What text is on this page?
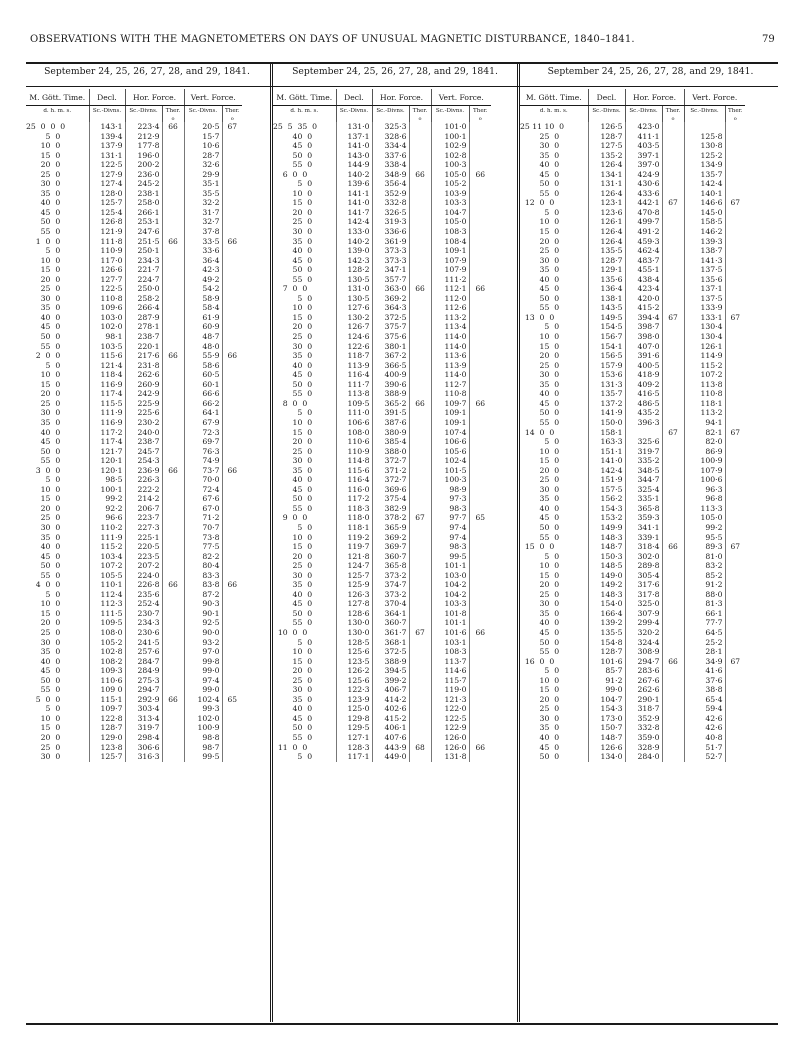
OBSERVATIONS WITH THE MAGNETOMETERS ON DAYS OF UNUSUAL MAGNETIC DISTURBANCE, 1840–1841.	79
September 24, 25, 26, 27, 28, and 29, 1841.
M. Gött. Time.	Decl.	Hor. Force.		Vert. Force.	
d. h. m. s.	Sc.-Divns.	Sc.-Divns.	Ther.	Sc.-Divns.	Ther.
			o		o
25  0  0  0	143·1	223·4	66	20·5	67
5  0	139·4	212·9		15·7	
10  0	137·9	177·8		10·6	
15  0	131·1	196·0		28·7	
20  0	122·5	200·2		32·6	
25  0	127·9	236·0		29·9	
30  0	127·4	245·2		35·1	
35  0	128·0	238·1		35·5	
40  0	125·7	258·0		32·2	
45  0	125·4	266·1		31·7	
50  0	126·8	253·1		32·7	
55  0	121·9	247·6		37·8	
1  0  0	111·8	251·5	66	33·5	66
5  0	110·9	250·1		33·6	
10  0	117·0	234·3		36·4	
15  0	126·6	221·7		42·3	
20  0	127·7	224·7		49·2	
25  0	122·5	250·0		54·2	
30  0	110·8	258·2		58·9	
35  0	109·6	266·4		58·4	
40  0	103·0	287·9		61·9	
45  0	102·0	278·1		60·9	
50  0	98·1	238·7		48·7	
55  0	103·5	220·1		48·0	
2  0  0	115·6	217·6	66	55·9	66
5  0	121·4	231·8		58·6	
10  0	118·4	262·6		60·5	
15  0	116·9	260·9		60·1	
20  0	117·4	242·9		66·6	
25  0	115·5	225·9		66·2	
30  0	111·9	225·6		64·1	
35  0	116·9	230·2		67·9	
40  0	117·2	240·0		72·3	
45  0	117·4	238·7		69·7	
50  0	121·7	245·7		76·3	
55  0	120·1	254·3		74·9	
3  0  0	120·1	236·9	66	73·7	66
5  0	98·5	226·3		70·0	
10  0	100·1	222·2		72·4	
15  0	99·2	214·2		67·6	
20  0	92·2	206·7		67·0	
25  0	96·6	223·7		71·2	
30  0	110·2	227·3		70·7	
35  0	111·9	225·1		73·8	
40  0	115·2	220·5		77·5	
45  0	103·4	223·5		82·2	
50  0	107·2	207·2		80·4	
55  0	105·5	224·0		83·3	
4  0  0	110·1	226·8	66	83·8	66
5  0	112·4	235·6		87·2	
10  0	112·3	252·4		90·3	
15  0	111·5	230·7		90·1	
20  0	109·5	234·3		92·5	
25  0	108·0	230·6		90·0	
30  0	105·2	241·5		93·2	
35  0	102·8	257·6		97·0	
40  0	108·2	284·7		99·8	
45  0	109·3	284·9		99·0	
50  0	110·6	275·3		97·4	
55  0	109 0	294·7		99·0	
5  0  0	115·1	292·9	66	102·4	65
5  0	109·7	303·4		99·3	
10  0	122·8	313·4		102·0	
15  0	128·7	319·7		100·9	
20  0	129·0	298·4		98·8	
25  0	123·8	306·6		98·7	
30  0	125·7	316·3		99·5	
September 24, 25, 26, 27, 28, and 29, 1841.
M. Gött. Time.	Decl.	Hor. Force.		Vert. Force.	
d. h. m. s.	Sc.-Divns.	Sc.-Divns.	Ther.	Sc.-Divns.	Ther.
			o		o
25  5  35  0	131·0	325·3		101·0	
40  0	137·1	328·6		100·1	
45  0	141·0	334·4		102·9	
50  0	143·0	337·6		102·8	
55  0	144·9	338·4		100·3	
6  0  0	140·2	348·9	66	105·0	66
5  0	139·6	356·4		105·2	
10  0	141·1	352·9		103·9	
15  0	141·0	332·8		103·3	
20  0	141·7	326·5		104·7	
25  0	142·4	319·3		105·0	
30  0	133·0	336·6		108·3	
35  0	140·2	361·9		108·4	
40  0	139·0	373·3		109·1	
45  0	142·3	373·3		107·9	
50  0	128·2	347·1		107·9	
55  0	130·5	357·7		111·2	
7  0  0	131·0	363·0	66	112·1	66
5  0	130·5	369·2		112·0	
10  0	127·6	364·3		112·6	
15  0	130·2	372·5		113·2	
20  0	126·7	375·7		113·4	
25  0	124·6	375·6		114·0	
30  0	122·6	380·1		114·0	
35  0	118·7	367·2		113·6	
40  0	113·9	366·5		113·9	
45  0	116·4	400·9		114·0	
50  0	111·7	390·6		112·7	
55  0	113·8	388·9		110·8	
8  0  0	109·5	365·2	66	109·7	66
5  0	111·0	391·5		109·1	
10  0	106·6	387·6		109·1	
15  0	108·0	380·9		107·4	
20  0	110·6	385·4		106·6	
25  0	110·9	388·0		105·6	
30  0	114·8	372·7		102·4	
35  0	115·6	371·2		101·5	
40  0	116·4	372·7		100·3	
45  0	116·0	369·6		98·9	
50  0	117·2	375·4		97·3	
55  0	118·3	382·9		98·3	
9  0  0	118·0	378·2	67	97·7	65
5  0	118·1	365·9		97·4	
10  0	119·2	369·2		97·4	
15  0	119·7	369·7		98·3	
20  0	121·8	360·7		99·5	
25  0	124·7	365·8		101·1	
30  0	125·7	373·2		103·0	
35  0	125·9	374·7		104·2	
40  0	126·3	373·2		104·2	
45  0	127·8	370·4		103·3	
50  0	128·6	364·1		101·8	
55  0	130·0	360·7		101·1	
10  0  0	130·0	361·7	67	101·6	66
5  0	128·5	368·1		103·1	
10  0	125·6	372·5		108·3	
15  0	123·5	388·9		113·7	
20  0	126·2	394·5		114·6	
25  0	125·6	399·2		115·7	
30  0	122·3	406·7		119·0	
35  0	123·9	414·2		121·3	
40  0	125·0	402·6		122·0	
45  0	129·8	415·2		122·5	
50  0	129·5	406·1		122·9	
55  0	127·1	407·6		126·0	
11  0  0	128·3	443·9	68	126·0	66
5  0	117·1	449·0		131·8	
September 24, 25, 26, 27, 28, and 29, 1841.
M. Gött. Time.	Decl.	Hor. Force.		Vert. Force.	
d. h. m. s.	Sc.-Divns.	Sc.-Divns.	Ther.	Sc.-Divns.	Ther.
			o		o
25 11 10  0	126·5	423·0			
25  0	128·7	411·1		125·8	
30  0	127·5	403·5		130·8	
35  0	135·2	397·1		125·2	
40  0	126·4	397·0		134·9	
45  0	134·1	424·9		135·7	
50  0	131·1	430·6		142·4	
55  0	126·4	433·6		140·1	
12  0  0	123·1	442·1	67	146·6	67
5  0	123·6	470·8		145·0	
10  0	126·1	499·7		158·5	
15  0	126·4	491·2		146·2	
20  0	126·4	459·3		139·3	
25  0	135·5	462·4		138·7	
30  0	128·7	483·7		141·3	
35  0	129·1	455·1		137·5	
40  0	135·6	438·4		135·6	
45  0	136·4	423·4		137·1	
50  0	138·1	420·0		137·5	
55  0	143·5	415·2		133·9	
13  0  0	149·5	394·4	67	133·1	67
5  0	154·5	398·7		130·4	
10  0	156·7	398·0		130·4	
15  0	154·1	407·0		126·1	
20  0	156·5	391·6		114·9	
25  0	157·9	400·5		115·2	
30  0	153·6	418·9		107·2	
35  0	131·3	409·2		113·8	
40  0	135·7	416·5		110·8	
45  0	137·2	486·5		118·1	
50  0	141·9	435·2		113·2	
55  0	150·0	396·3		94·1	
14  0  0	158·1		67	82·1	67
5  0	163·3	325·6		82·0	
10  0	151·1	319·7		86·9	
15  0	141·0	335·2		100·9	
20  0	142·4	348·5		107·9	
25  0	151·9	344·7		100·6	
30  0	157·5	325·4		96·3	
35  0	156·2	335·1		96·8	
40  0	154·3	365·8		113·3	
45  0	153·2	359·3		105·0	
50  0	149·9	341·1		99·2	
55  0	148·3	339·1		95·5	
15  0  0	148·7	318·4	66	89·3	67
5  0	150·3	302·0		81·0	
10  0	148·5	289·8		83·2	
15  0	149·0	305·4		85·2	
20  0	149·2	317·6		91·2	
25  0	148·3	317·8		88·0	
30  0	154·0	325·0		81·3	
35  0	166·4	307·9		66·1	
40  0	139·2	299·4		77·7	
45  0	135·5	320·2		64·5	
50  0	154·8	324·4		25·2	
55  0	128·7	308·9		28·1	
16  0  0	101·6	294·7	66	34·9	67
5  0	85·7	283·6		41·6	
10  0	91·2	267·6		37·6	
15  0	99·0	262·6		38·8	
20  0	104·7	290·1		65·4	
25  0	154·3	318·7		59·4	
30  0	173·0	352·9		42·6	
35  0	150·7	332·8		42·6	
40  0	148·7	359·0		40·8	
45  0	126·6	328·9		51·7	
50  0	134·0	284·0		52·7	
